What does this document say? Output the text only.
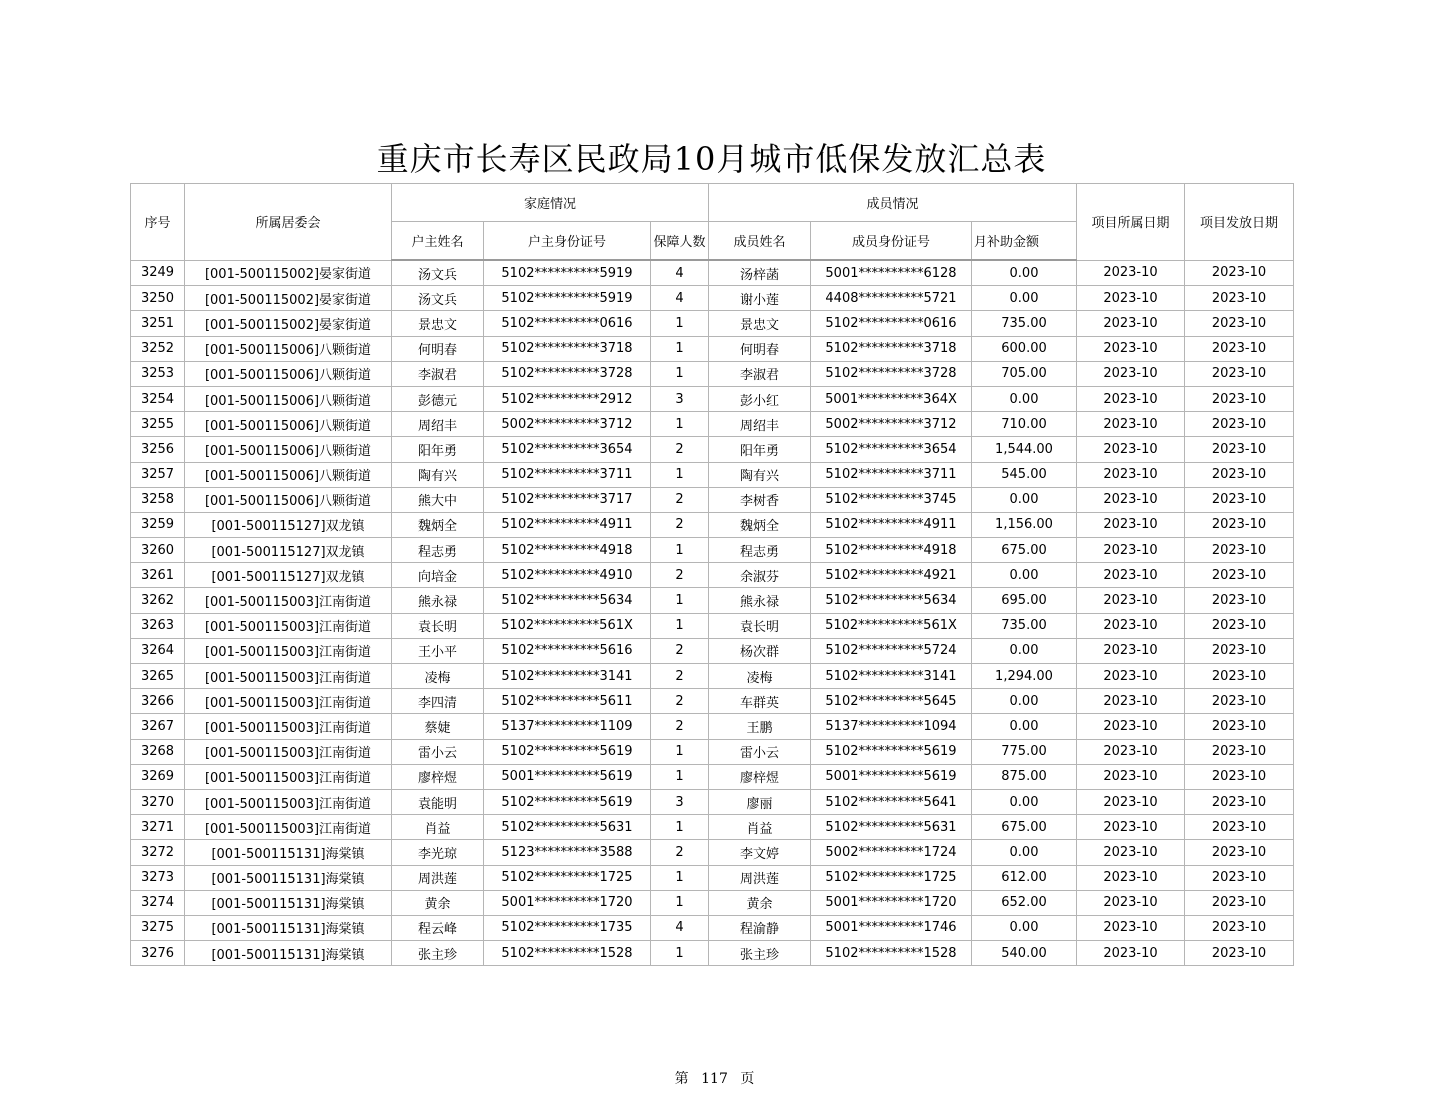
重庆市长寿区民政局10月城市低保发放汇总表
序号	所属居委会	家庭情况			成员情况			项目所属日期	项目发放日期
		户主姓名	户主身份证号	保障人数	成员姓名	成员身份证号	月补助金额		
3249	[001-500115002]晏家街道	汤文兵	5102**********5919	4	汤梓菡	5001**********6128	0.00	2023-10	2023-10
3250	[001-500115002]晏家街道	汤文兵	5102**********5919	4	谢小莲	4408**********5721	0.00	2023-10	2023-10
3251	[001-500115002]晏家街道	景忠文	5102**********0616	1	景忠文	5102**********0616	735.00	2023-10	2023-10
3252	[001-500115006]八颗街道	何明春	5102**********3718	1	何明春	5102**********3718	600.00	2023-10	2023-10
3253	[001-500115006]八颗街道	李淑君	5102**********3728	1	李淑君	5102**********3728	705.00	2023-10	2023-10
3254	[001-500115006]八颗街道	彭德元	5102**********2912	3	彭小红	5001**********364X	0.00	2023-10	2023-10
3255	[001-500115006]八颗街道	周绍丰	5002**********3712	1	周绍丰	5002**********3712	710.00	2023-10	2023-10
3256	[001-500115006]八颗街道	阳年勇	5102**********3654	2	阳年勇	5102**********3654	1,544.00	2023-10	2023-10
3257	[001-500115006]八颗街道	陶有兴	5102**********3711	1	陶有兴	5102**********3711	545.00	2023-10	2023-10
3258	[001-500115006]八颗街道	熊大中	5102**********3717	2	李树香	5102**********3745	0.00	2023-10	2023-10
3259	[001-500115127]双龙镇	魏炳全	5102**********4911	2	魏炳全	5102**********4911	1,156.00	2023-10	2023-10
3260	[001-500115127]双龙镇	程志勇	5102**********4918	1	程志勇	5102**********4918	675.00	2023-10	2023-10
3261	[001-500115127]双龙镇	向培金	5102**********4910	2	余淑芬	5102**********4921	0.00	2023-10	2023-10
3262	[001-500115003]江南街道	熊永禄	5102**********5634	1	熊永禄	5102**********5634	695.00	2023-10	2023-10
3263	[001-500115003]江南街道	袁长明	5102**********561X	1	袁长明	5102**********561X	735.00	2023-10	2023-10
3264	[001-500115003]江南街道	王小平	5102**********5616	2	杨次群	5102**********5724	0.00	2023-10	2023-10
3265	[001-500115003]江南街道	凌梅	5102**********3141	2	凌梅	5102**********3141	1,294.00	2023-10	2023-10
3266	[001-500115003]江南街道	李四清	5102**********5611	2	车群英	5102**********5645	0.00	2023-10	2023-10
3267	[001-500115003]江南街道	蔡婕	5137**********1109	2	王鹏	5137**********1094	0.00	2023-10	2023-10
3268	[001-500115003]江南街道	雷小云	5102**********5619	1	雷小云	5102**********5619	775.00	2023-10	2023-10
3269	[001-500115003]江南街道	廖梓煜	5001**********5619	1	廖梓煜	5001**********5619	875.00	2023-10	2023-10
3270	[001-500115003]江南街道	袁能明	5102**********5619	3	廖丽	5102**********5641	0.00	2023-10	2023-10
3271	[001-500115003]江南街道	肖益	5102**********5631	1	肖益	5102**********5631	675.00	2023-10	2023-10
3272	[001-500115131]海棠镇	李光琼	5123**********3588	2	李文婷	5002**********1724	0.00	2023-10	2023-10
3273	[001-500115131]海棠镇	周洪莲	5102**********1725	1	周洪莲	5102**********1725	612.00	2023-10	2023-10
3274	[001-500115131]海棠镇	黄余	5001**********1720	1	黄余	5001**********1720	652.00	2023-10	2023-10
3275	[001-500115131]海棠镇	程云峰	5102**********1735	4	程渝静	5001**********1746	0.00	2023-10	2023-10
3276	[001-500115131]海棠镇	张主珍	5102**********1528	1	张主珍	5102**********1528	540.00	2023-10	2023-10
第 117 页
